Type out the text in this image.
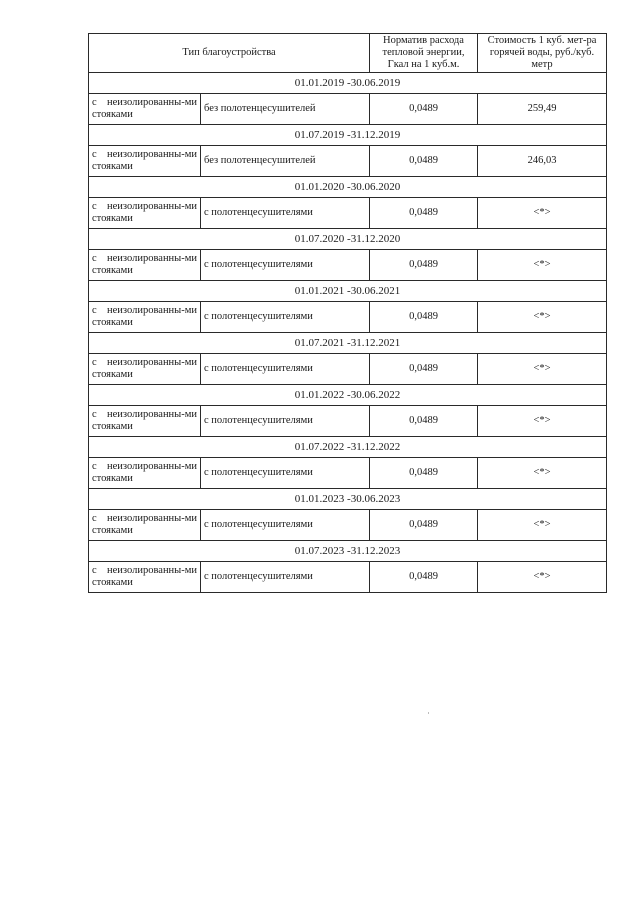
Тип благоустройства		Норматив расхода тепловой энергии, Гкал на 1 куб.м.	Стоимость 1 куб. мет-ра горячей воды, руб./куб. метр
01.01.2019 -30.06.2019			
с неизолированны-ми стояками	без полотенцесушителей	0,0489	259,49
01.07.2019 -31.12.2019			
с неизолированны-ми стояками	без полотенцесушителей	0,0489	246,03
01.01.2020 -30.06.2020			
с неизолированны-ми стояками	с полотенцесушителями	0,0489	<*>
01.07.2020 -31.12.2020			
с неизолированны-ми стояками	с полотенцесушителями	0,0489	<*>
01.01.2021 -30.06.2021			
с неизолированны-ми стояками	с полотенцесушителями	0,0489	<*>
01.07.2021 -31.12.2021			
с неизолированны-ми стояками	с полотенцесушителями	0,0489	<*>
01.01.2022 -30.06.2022			
с неизолированны-ми стояками	с полотенцесушителями	0,0489	<*>
01.07.2022 -31.12.2022			
с неизолированны-ми стояками	с полотенцесушителями	0,0489	<*>
01.01.2023 -30.06.2023			
с неизолированны-ми стояками	с полотенцесушителями	0,0489	<*>
01.07.2023 -31.12.2023			
с неизолированны-ми стояками	с полотенцесушителями	0,0489	<*>
